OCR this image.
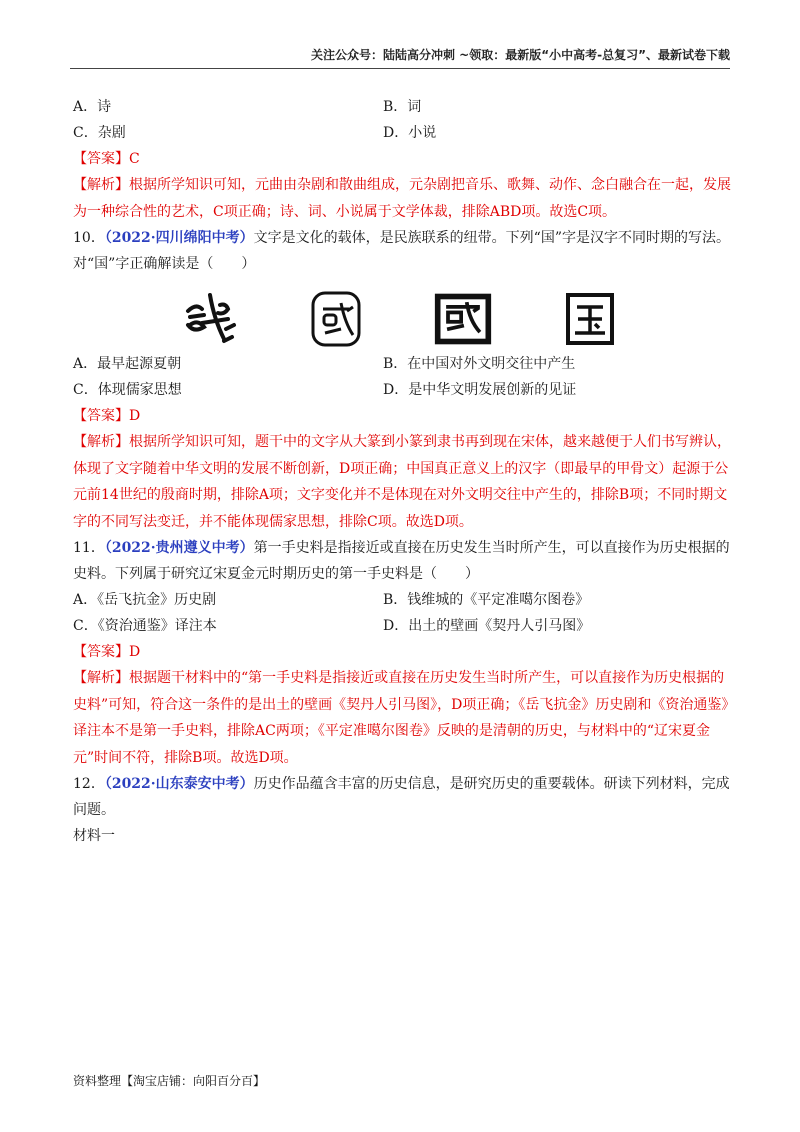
关注公众号：陆陆高分冲刺 ~领取：最新版“小中高考-总复习”、最新试卷下载
A．诗	B．词
C．杂剧	D．小说
【答案】C
【解析】根据所学知识可知，元曲由杂剧和散曲组成，元杂剧把音乐、歌舞、动作、念白融合在一起，发展为一种综合性的艺术，C项正确；诗、词、小说属于文学体裁，排除ABD项。故选C项。
10．（2022·四川绵阳中考）文字是文化的载体，是民族联系的纽带。下列“国”字是汉字不同时期的写法。对“国”字正确解读是（　　）
A．最早起源夏朝	B．在中国对外文明交往中产生
C．体现儒家思想	D．是中华文明发展创新的见证
【答案】D
【解析】根据所学知识可知，题干中的文字从大篆到小篆到隶书再到现在宋体，越来越便于人们书写辨认，体现了文字随着中华文明的发展不断创新，D项正确；中国真正意义上的汉字（即最早的甲骨文）起源于公元前14世纪的殷商时期，排除A项；文字变化并不是体现在对外文明交往中产生的，排除B项；不同时期文字的不同写法变迁，并不能体现儒家思想，排除C项。故选D项。
11．（2022·贵州遵义中考）第一手史料是指接近或直接在历史发生当时所产生，可以直接作为历史根据的史料。下列属于研究辽宋夏金元时期历史的第一手史料是（　　）
A．《岳飞抗金》历史剧	B．钱维城的《平定准噶尔图卷》
C．《资治通鉴》译注本	D．出土的壁画《契丹人引马图》
【答案】D
【解析】根据题干材料中的“第一手史料是指接近或直接在历史发生当时所产生，可以直接作为历史根据的史料”可知，符合这一条件的是出土的壁画《契丹人引马图》，D项正确；《岳飞抗金》历史剧和《资治通鉴》译注本不是第一手史料，排除AC两项；《平定准噶尔图卷》反映的是清朝的历史，与材料中的“辽宋夏金元”时间不符，排除B项。故选D项。
12．（2022·山东泰安中考）历史作品蕴含丰富的历史信息，是研究历史的重要载体。研读下列材料，完成问题。
材料一
资料整理【淘宝店铺：向阳百分百】
